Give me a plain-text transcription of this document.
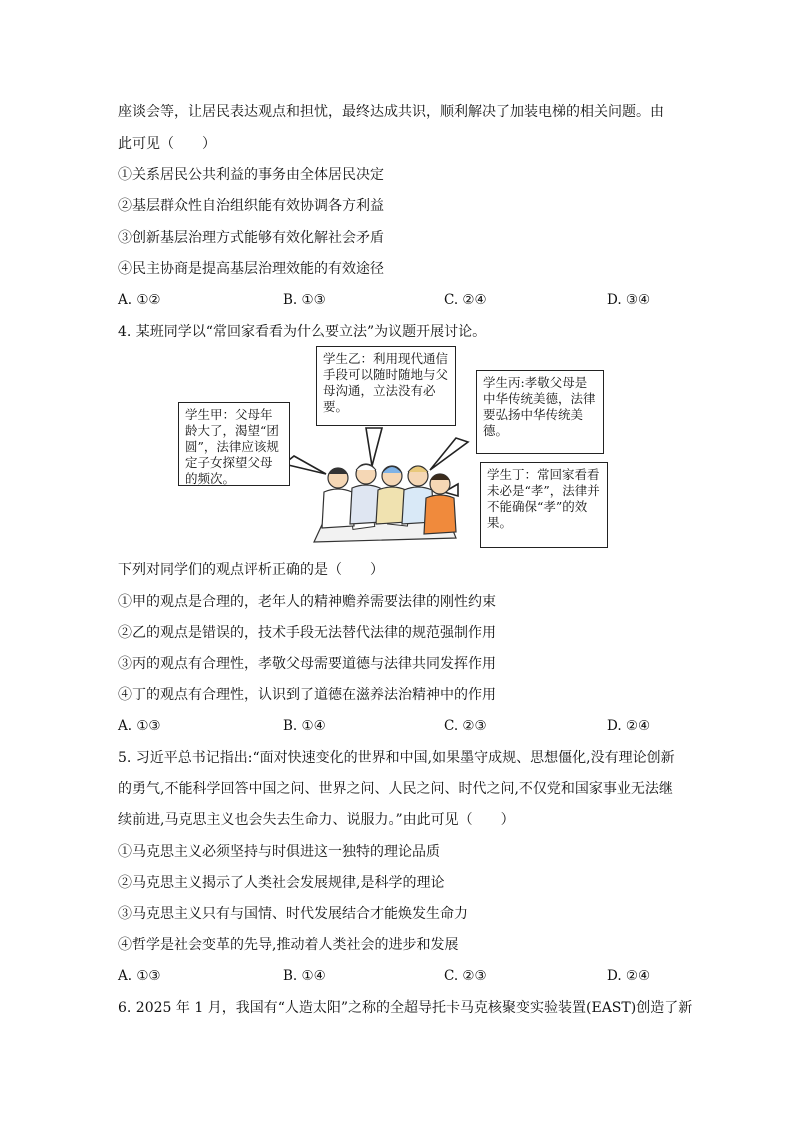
座谈会等，让居民表达观点和担忧，最终达成共识，顺利解决了加装电梯的相关问题。由
此可见（　　）
①关系居民公共利益的事务由全体居民决定
②基层群众性自治组织能有效协调各方利益
③创新基层治理方式能够有效化解社会矛盾
④民主协商是提高基层治理效能的有效途径
A. ①②	B. ①③	C. ②④	D. ③④
4. 某班同学以“常回家看看为什么要立法”为议题开展讨论。
学生甲：父母年龄大了，渴望“团圆”，法律应该规定子女探望父母的频次。
学生乙：利用现代通信手段可以随时随地与父母沟通，立法没有必要。
学生丙:孝敬父母是中华传统美德，法律要弘扬中华传统美德。
学生丁：常回家看看未必是“孝”，法律并不能确保“孝”的效果。
下列对同学们的观点评析正确的是（　　）
①甲的观点是合理的，老年人的精神赡养需要法律的刚性约束
②乙的观点是错误的，技术手段无法替代法律的规范强制作用
③丙的观点有合理性，孝敬父母需要道德与法律共同发挥作用
④丁的观点有合理性，认识到了道德在滋养法治精神中的作用
A. ①③	B. ①④	C. ②③	D. ②④
5. 习近平总书记指出:“面对快速变化的世界和中国,如果墨守成规、思想僵化,没有理论创新
的勇气,不能科学回答中国之问、世界之问、人民之问、时代之问,不仅党和国家事业无法继
续前进,马克思主义也会失去生命力、说服力。”由此可见（　　）
①马克思主义必须坚持与时俱进这一独特的理论品质
②马克思主义揭示了人类社会发展规律,是科学的理论
③马克思主义只有与国情、时代发展结合才能焕发生命力
④哲学是社会变革的先导,推动着人类社会的进步和发展
A. ①③	B. ①④	C. ②③	D. ②④
6. 2025 年 1 月，我国有“人造太阳”之称的全超导托卡马克核聚变实验装置(EAST)创造了新
